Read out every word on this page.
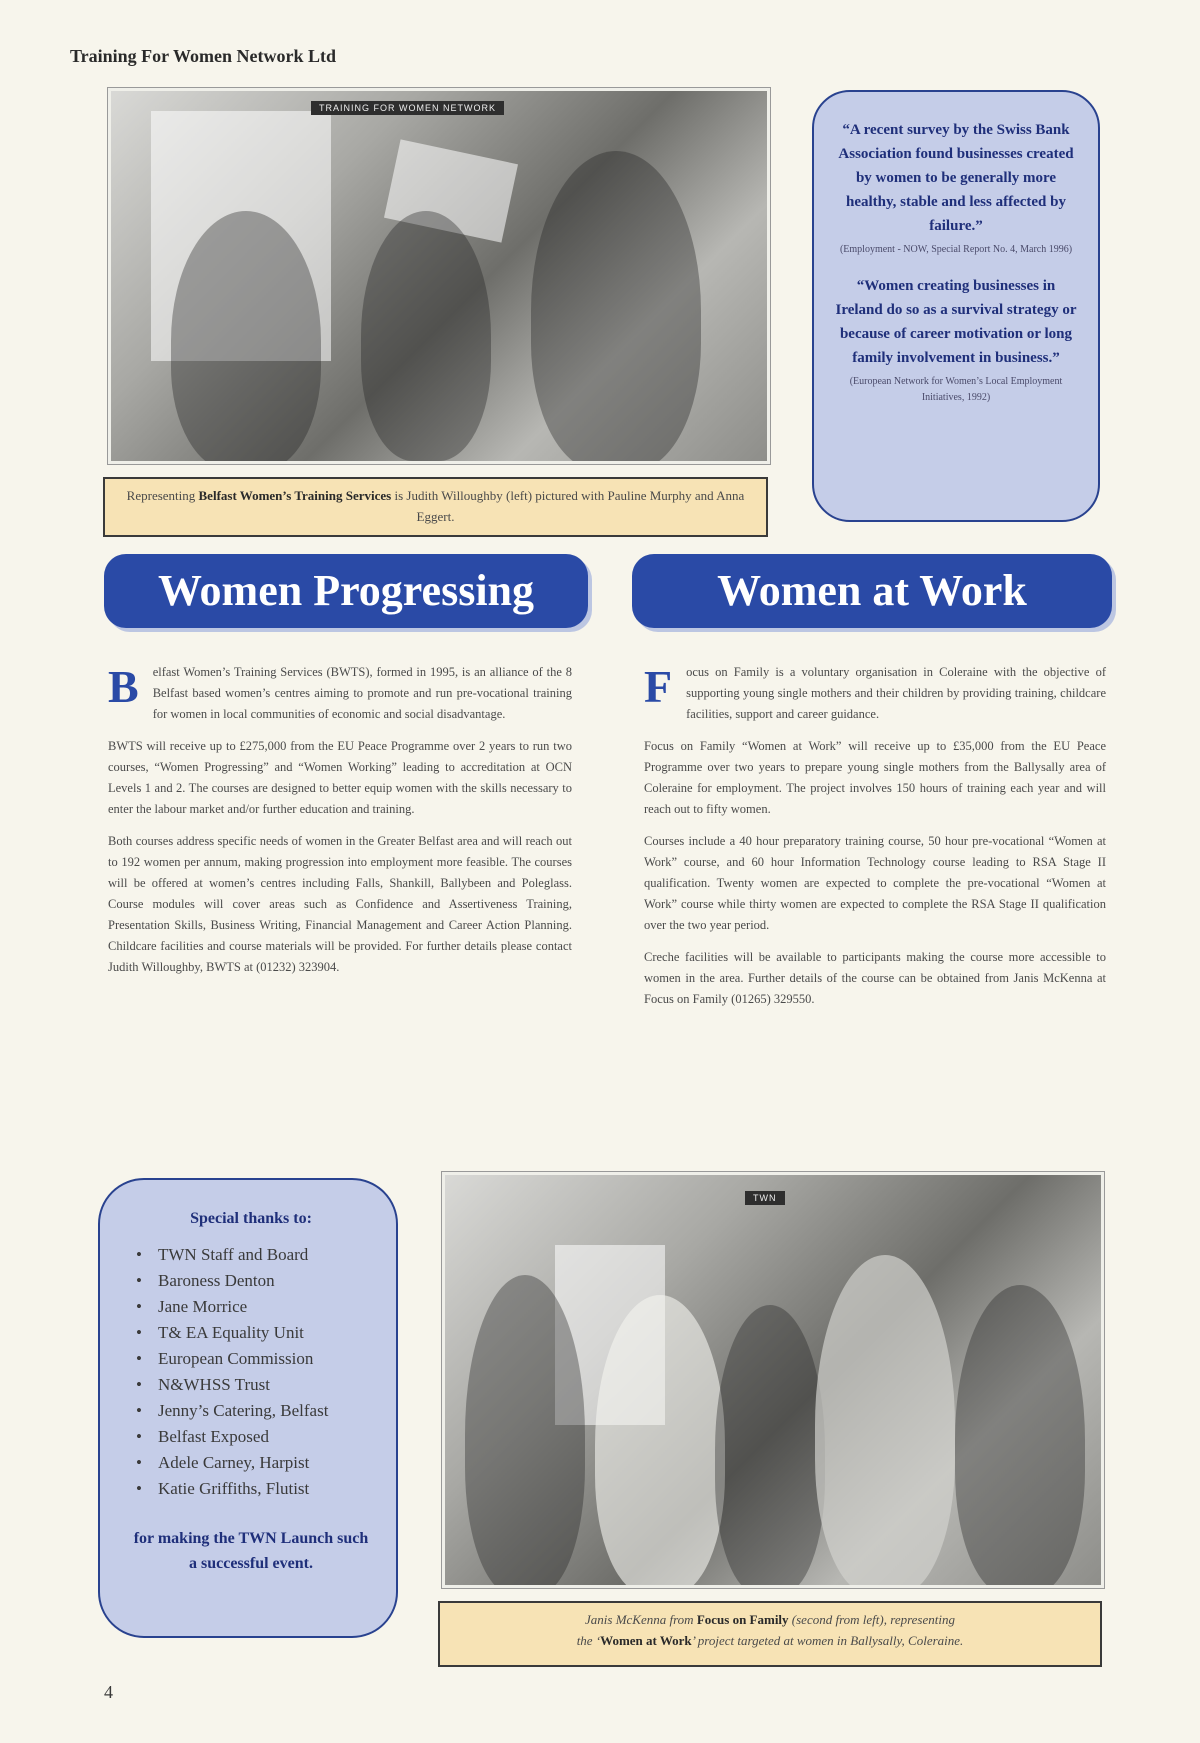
Training For Women Network Ltd
TRAINING FOR WOMEN NETWORK
Representing Belfast Women’s Training Services is Judith Willoughby (left) pictured with Pauline Murphy and Anna Eggert.
“A recent survey by the Swiss Bank Association found businesses created by women to be generally more healthy, stable and less affected by failure.”
(Employment - NOW, Special Report No. 4, March 1996)
“Women creating businesses in Ireland do so as a survival strategy or because of career motivation or long family involvement in business.”
(European Network for Women’s Local Employment Initiatives, 1992)
Women Progressing	Women at Work

B elfast Women’s Training Services (BWTS), formed in 1995, is an alliance of the 8 Belfast based women’s centres aiming to promote and run pre-vocational training for women in local communities of economic and social disadvantage.

BWTS will receive up to £275,000 from the EU Peace Programme over 2 years to run two courses, “Women Progressing” and “Women Working” leading to accreditation at OCN Levels 1 and 2. The courses are designed to better equip women with the skills necessary to enter the labour market and/or further education and training.

Both courses address specific needs of women in the Greater Belfast area and will reach out to 192 women per annum, making progression into employment more feasible. The courses will be offered at women’s centres including Falls, Shankill, Ballybeen and Poleglass. Course modules will cover areas such as Confidence and Assertiveness Training, Presentation Skills, Business Writing, Financial Management and Career Action Planning. Childcare facilities and course materials will be provided. For further details please contact Judith Willoughby, BWTS at (01232) 323904.

F ocus on Family is a voluntary organisation in Coleraine with the objective of supporting young single mothers and their children by providing training, childcare facilities, support and career guidance.

Focus on Family “Women at Work” will receive up to £35,000 from the EU Peace Programme over two years to prepare young single mothers from the Ballysally area of Coleraine for employment. The project involves 150 hours of training each year and will reach out to fifty women.

Courses include a 40 hour preparatory training course, 50 hour pre-vocational “Women at Work” course, and 60 hour Information Technology course leading to RSA Stage II qualification. Twenty women are expected to complete the pre-vocational “Women at Work” course while thirty women are expected to complete the RSA Stage II qualification over the two year period.

Creche facilities will be available to participants making the course more accessible to women in the area. Further details of the course can be obtained from Janis McKenna at Focus on Family (01265) 329550.

Special thanks to:
• TWN Staff and Board
• Baroness Denton
• Jane Morrice
• T& EA Equality Unit
• European Commission
• N&WHSS Trust
• Jenny’s Catering, Belfast
• Belfast Exposed
• Adele Carney, Harpist
• Katie Griffiths, Flutist
for making the TWN Launch such a successful event.
TWN
Janis McKenna from Focus on Family (second from left), representing
the ‘Women at Work’ project targeted at women in Ballysally, Coleraine.
4
